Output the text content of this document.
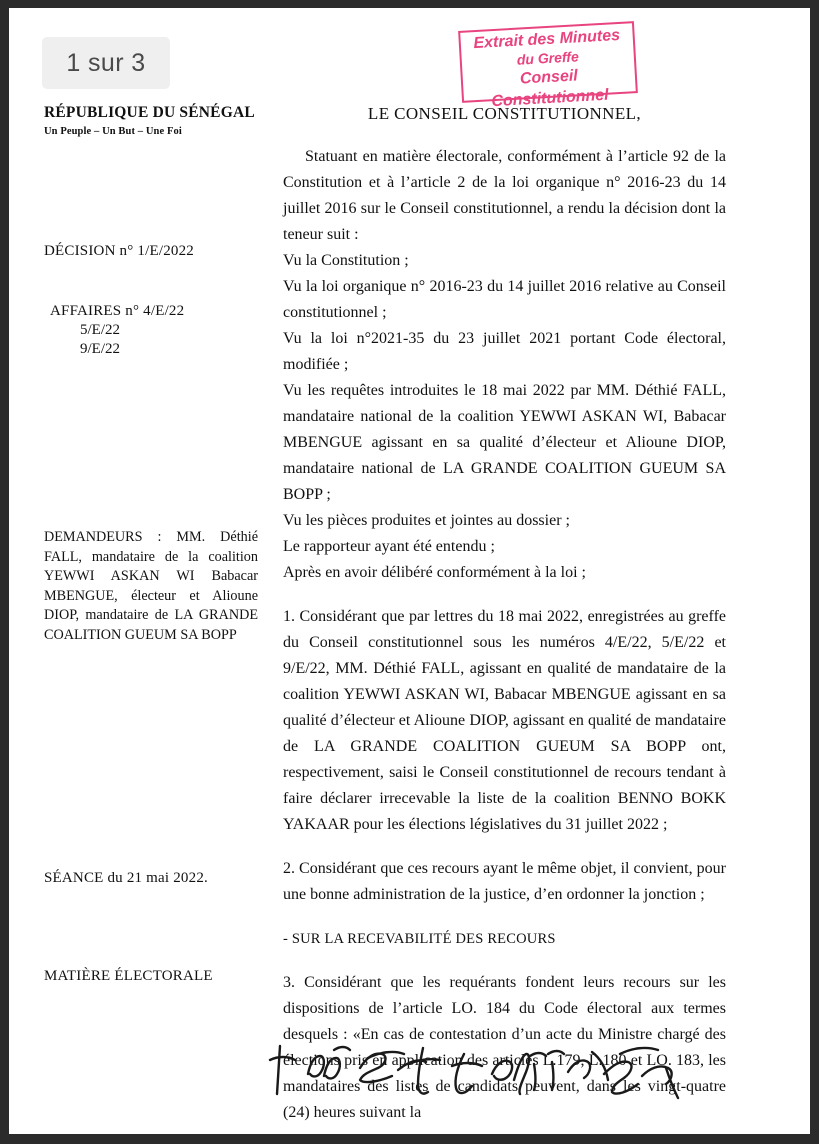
1 sur 3
Extrait des Minutes
du Greffe
Conseil Constitutionnel
RÉPUBLIQUE DU SÉNÉGAL
Un Peuple – Un But – Une Foi
DÉCISION n° 1/E/2022
AFFAIRES n° 4/E/22
5/E/22
9/E/22
DEMANDEURS : MM. Déthié FALL, mandataire de la coalition YEWWI ASKAN WI Babacar MBENGUE, électeur et Alioune DIOP, mandataire de LA GRANDE COALITION GUEUM SA BOPP
SÉANCE du 21 mai 2022.
MATIÈRE ÉLECTORALE
LE CONSEIL CONSTITUTIONNEL,

Statuant en matière électorale, conformément à l’article 92 de la Constitution et à l’article 2 de la loi organique n° 2016-23 du 14 juillet 2016 sur le Conseil constitutionnel, a rendu la décision dont la teneur suit :

Vu la Constitution ;
Vu la loi organique n° 2016-23 du 14 juillet 2016 relative au Conseil constitutionnel ;
Vu la loi n°2021-35 du 23 juillet 2021 portant Code électoral, modifiée ;
Vu les requêtes introduites le 18 mai 2022 par MM. Déthié FALL, mandataire national de la coalition YEWWI ASKAN WI, Babacar MBENGUE agissant en sa qualité d’électeur et Alioune DIOP, mandataire national de LA GRANDE COALITION GUEUM SA BOPP ;
Vu les pièces produites et jointes au dossier ;
Le rapporteur ayant été entendu ;
Après en avoir délibéré conformément à la loi ;

1. Considérant que par lettres du 18 mai 2022, enregistrées au greffe du Conseil constitutionnel sous les numéros 4/E/22, 5/E/22 et 9/E/22, MM. Déthié FALL, agissant en qualité de mandataire de la coalition YEWWI ASKAN WI, Babacar MBENGUE agissant en sa qualité d’électeur et Alioune DIOP, agissant en qualité de mandataire de LA GRANDE COALITION GUEUM SA BOPP ont, respectivement, saisi le Conseil constitutionnel de recours tendant à faire déclarer irrecevable la liste de la coalition BENNO BOKK YAKAAR pour les élections législatives du 31 juillet 2022 ;

2. Considérant que ces recours ayant le même objet, il convient, pour une bonne administration de la justice, d’en ordonner la jonction ;

- SUR LA RECEVABILITÉ DES RECOURS

3. Considérant que les requérants fondent leurs recours sur les dispositions de l’article LO. 184 du Code électoral aux termes desquels : «En cas de contestation d’un acte du Ministre chargé des élections pris en application des articles L.179, L.180 et LO. 183, les mandataires des listes de candidats peuvent, dans les vingt-quatre (24) heures suivant la
